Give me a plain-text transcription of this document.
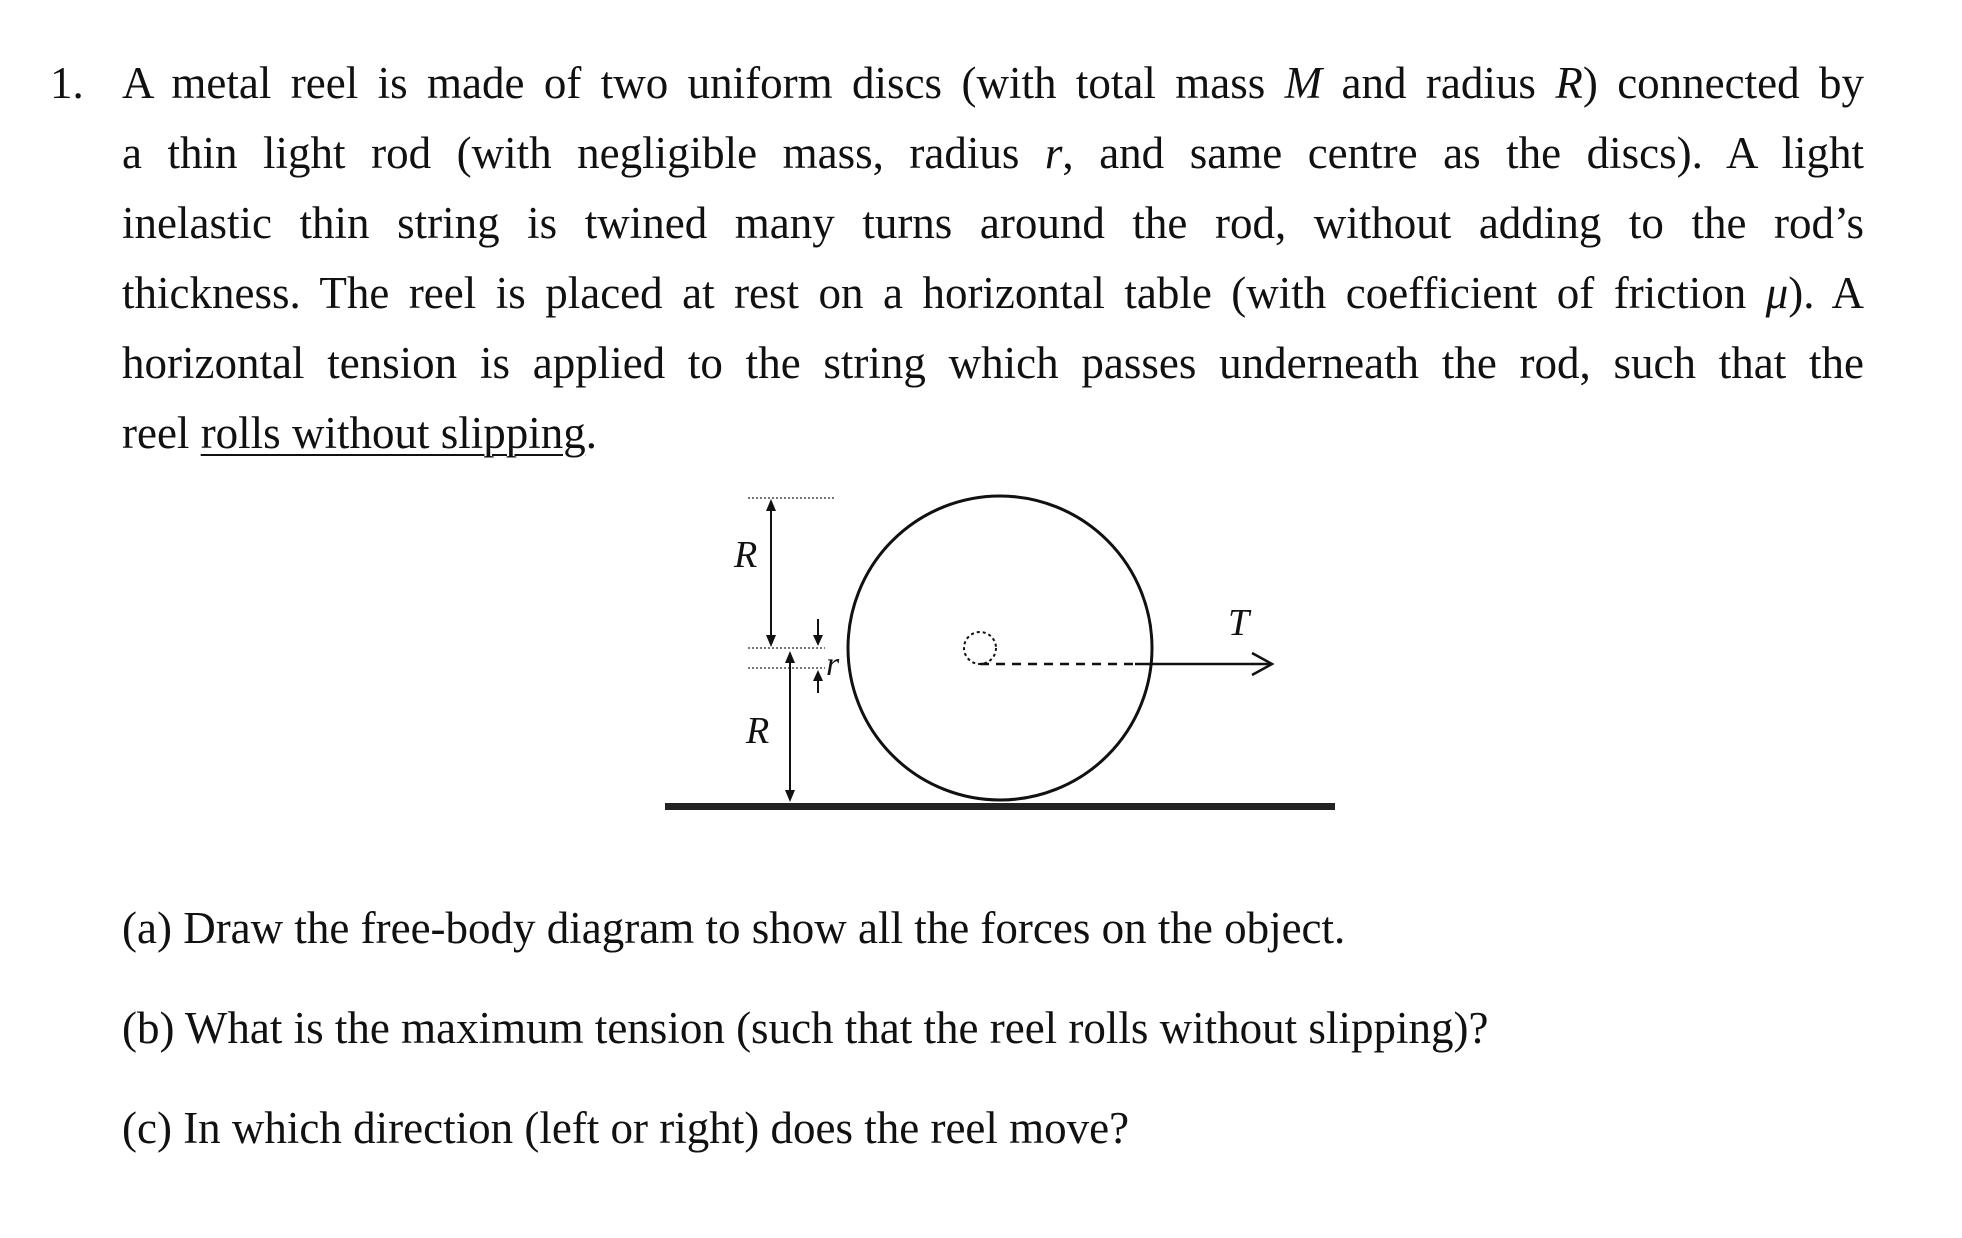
1. A metal reel is made of two uniform discs (with total mass M and radius R) connected by
a thin light rod (with negligible mass, radius r, and same centre as the discs). A light
inelastic thin string is twined many turns around the rod, without adding to the rod’s
thickness. The reel is placed at rest on a horizontal table (with coefficient of friction μ). A
horizontal tension is applied to the string which passes underneath the rod, such that the
reel rolls without slipping.
T
R
R
r
(a) Draw the free-body diagram to show all the forces on the object.
(b) What is the maximum tension (such that the reel rolls without slipping)?
(c) In which direction (left or right) does the reel move?
